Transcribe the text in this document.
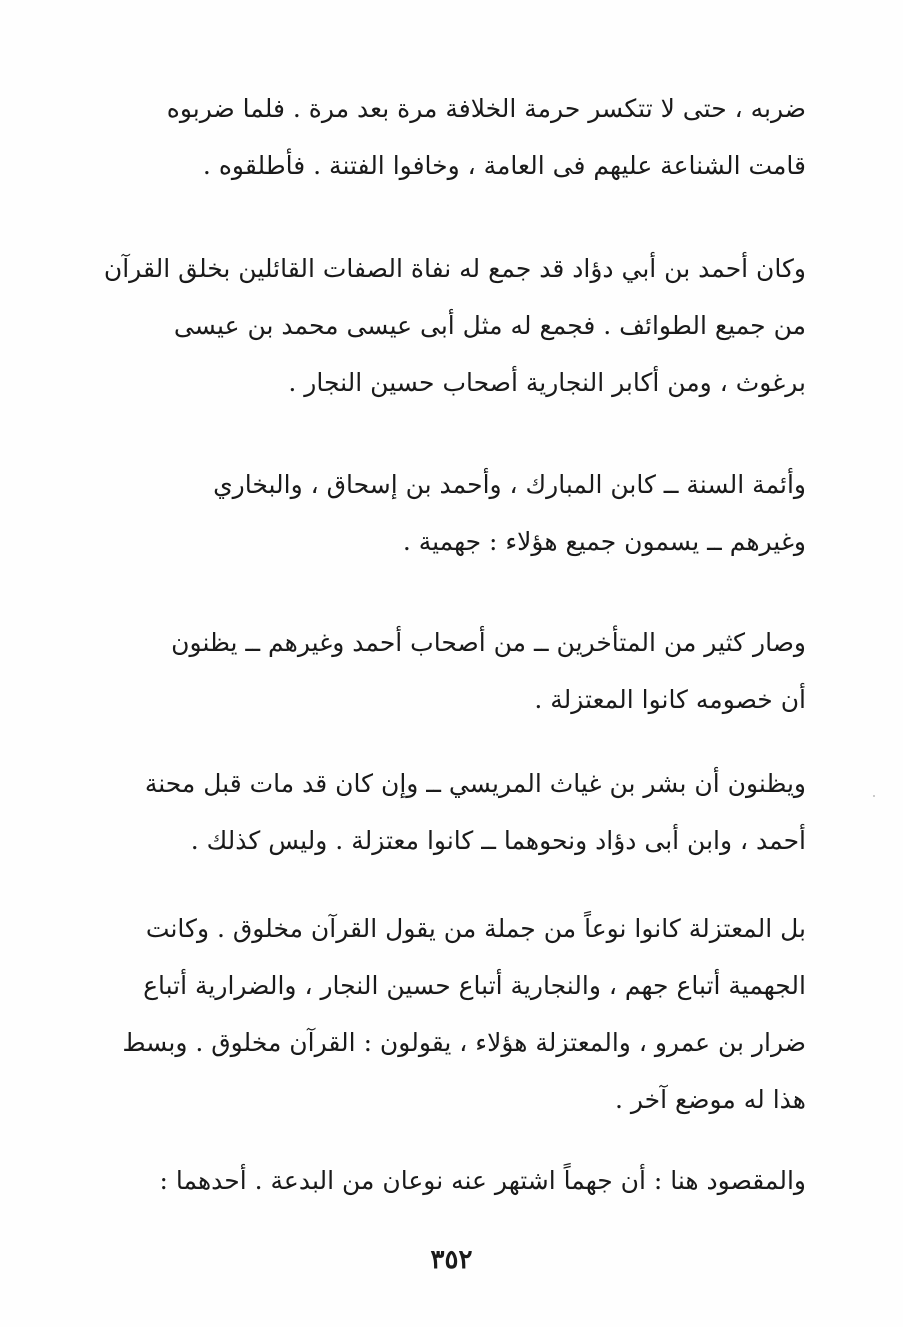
ضربه ، حتى لا تتكسر حرمة الخلافة مرة بعد مرة . فلما ضربوه
قامت الشناعة عليهم فى العامة ، وخافوا الفتنة . فأطلقوه .
وكان أحمد بن أبي دؤاد قد جمع له نفاة الصفات القائلين بخلق القرآن
من جميع الطوائف . فجمع له مثل أبى عيسى محمد بن عيسى
برغوث ، ومن أكابر النجارية أصحاب حسين النجار .
وأئمة السنة ــ كابن المبارك ، وأحمد بن إسحاق ، والبخاري
وغيرهم ــ يسمون جميع هؤلاء : جهمية .
وصار كثير من المتأخرين ــ من أصحاب أحمد وغيرهم ــ يظنون
أن خصومه كانوا المعتزلة .
ويظنون أن بشر بن غياث المريسي ــ وإن كان قد مات قبل محنة
أحمد ، وابن أبى دؤاد ونحوهما ــ كانوا معتزلة . وليس كذلك .
بل المعتزلة كانوا نوعاً من جملة من يقول القرآن مخلوق . وكانت
الجهمية أتباع جهم ، والنجارية أتباع حسين النجار ، والضرارية أتباع
ضرار بن عمرو ، والمعتزلة هؤلاء ، يقولون : القرآن مخلوق . وبسط
هذا له موضع آخر .
والمقصود هنا : أن جهماً اشتهر عنه نوعان من البدعة . أحدهما :
٣٥٢
